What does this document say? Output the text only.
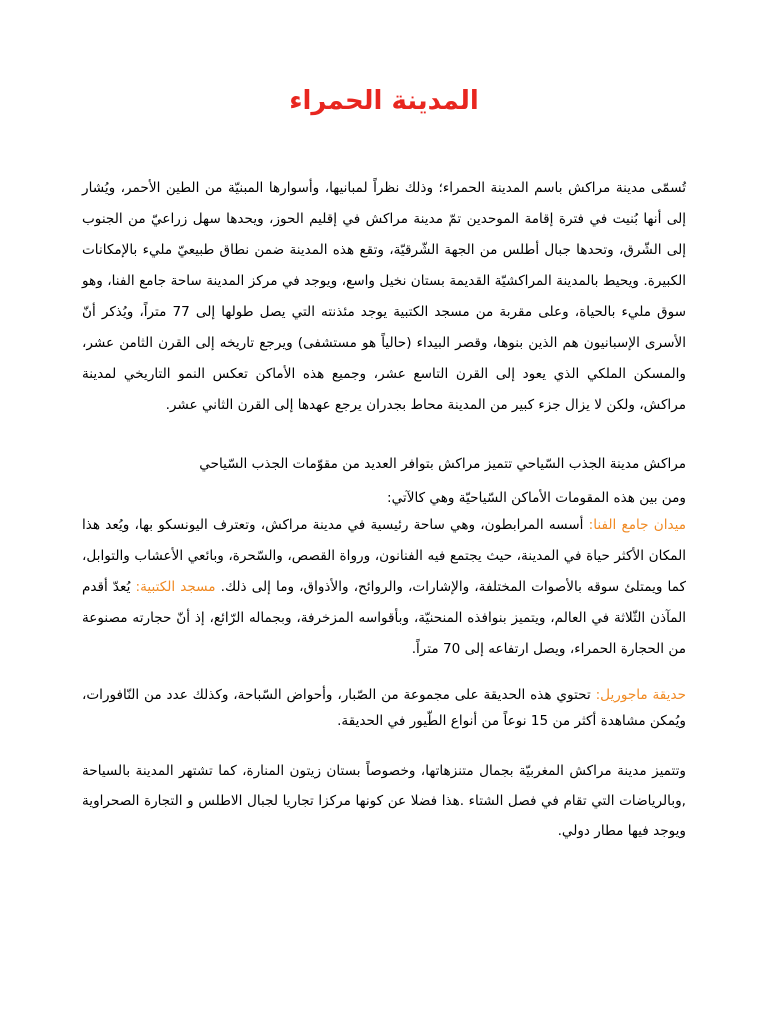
المدينة الحمراء

تُسمّى مدينة مراكش باسم المدينة الحمراء؛ وذلك نظراً لمبانيها، وأسوارها المبنيّة من الطين الأحمر، ويُشار إلى أنها بُنيت في فترة إقامة الموحدين تمّ مدينة مراكش في إقليم الحوز، ويحدها سهل زراعيّ من الجنوب إلى الشّرق، وتحدها جبال أطلس من الجهة الشّرقيّة، وتقع هذه المدينة ضمن نطاق طبيعيّ مليء بالإمكانات الكبيرة. ويحيط بالمدينة المراكشيّة القديمة بستان نخيل واسع، ويوجد في مركز المدينة ساحة جامع الفنا، وهو سوق مليء بالحياة، وعلى مقربة من مسجد الكتبية يوجد مئذنته التي يصل طولها إلى 77 متراً، ويُذكر أنّ الأسرى الإسبانيون هم الذين بنوها، وقصر البيداء (حالياً هو مستشفى) ويرجع تاريخه إلى القرن الثامن عشر، والمسكن الملكي الذي يعود إلى القرن التاسع عشر، وجميع هذه الأماكن تعكس النمو التاريخي لمدينة مراكش، ولكن لا يزال جزء كبير من المدينة محاط بجدران يرجع عهدها إلى القرن الثاني عشر.

مراكش مدينة الجذب السّياحي تتميز مراكش بتوافر العديد من مقوّمات الجذب السّياحي

ومن بين هذه المقومات الأماكن السّياحيّة وهي كالآتي:

ميدان جامع الفنا: أسسه المرابطون، وهي ساحة رئيسية في مدينة مراكش، وتعترف اليونسكو بها، ويُعد هذا المكان الأكثر حياة في المدينة، حيث يجتمع فيه الفنانون، ورواة القصص، والسّحرة، وبائعي الأعشاب والتوابل، كما ويمتلئ سوقه بالأصوات المختلفة، والإشارات، والروائح، والأذواق، وما إلى ذلك. مسجد الكتبية: يُعدّ أقدم المآذن الثّلاثة في العالم، ويتميز بنوافذه المنحنيّة، وبأقواسه المزخرفة، وبجماله الرّائع، إذ أنّ حجارته مصنوعة من الحجارة الحمراء، ويصل ارتفاعه إلى 70 متراً.

حديقة ماجوريل: تحتوي هذه الحديقة على مجموعة من الصّبار، وأحواض السّباحة، وكذلك عدد من النّافورات، ويُمكن مشاهدة أكثر من 15 نوعاً من أنواع الطّيور في الحديقة.

وتتميز مدينة مراكش المغربيّة بجمال متنزهاتها، وخصوصاً بستان زيتون المنارة، كما تشتهر المدينة بالسياحة ,وبالرياضات التي تقام في فصل الشتاء .هذا فضلا عن كونها مركزا تجاريا لجبال الاطلس و التجارة الصحراوية ويوجد فيها مطار دولي.
